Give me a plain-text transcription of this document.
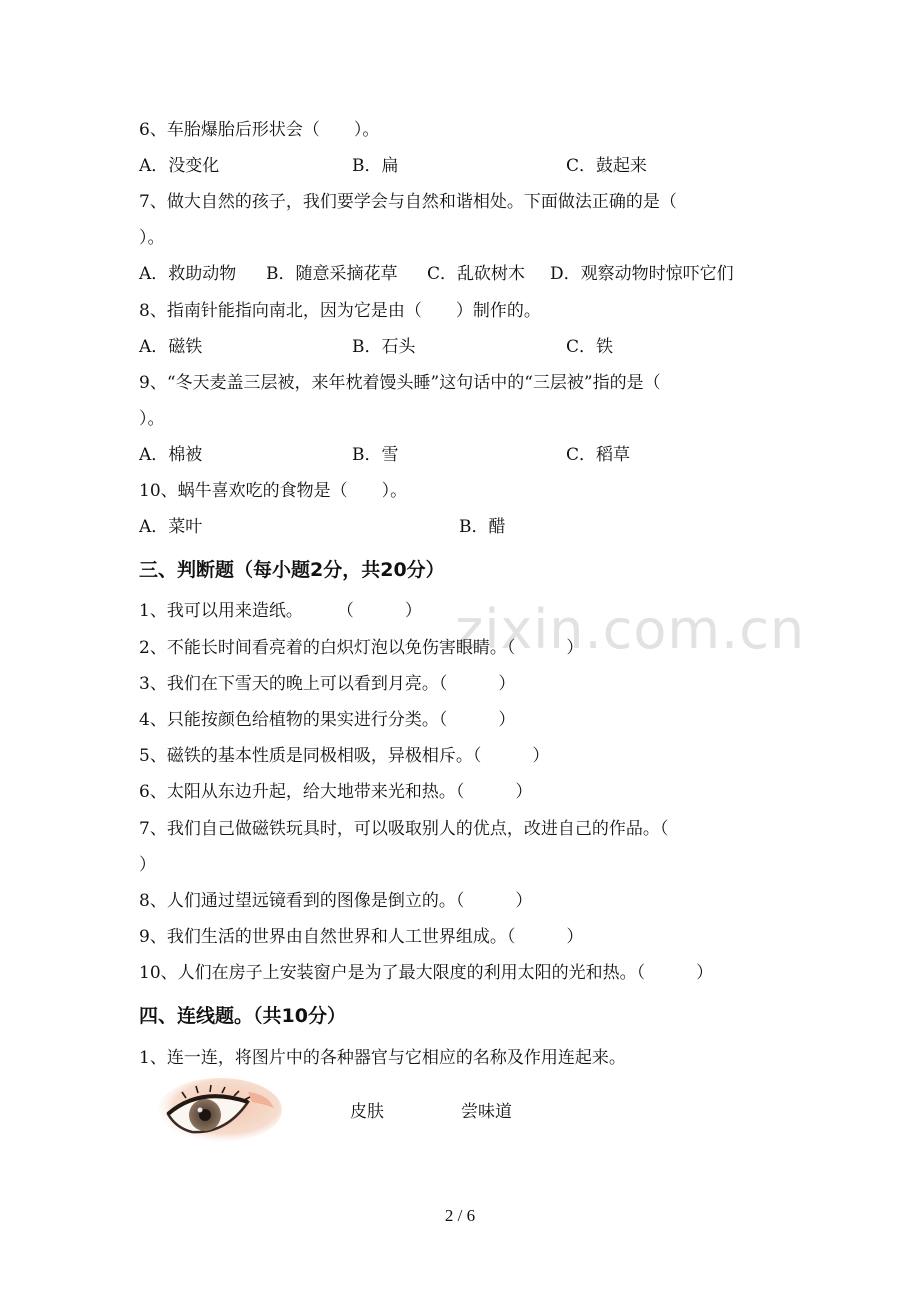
zixin.com.cn
6、车胎爆胎后形状会（　　）。
A．没变化	B．扁	C．鼓起来
7、做大自然的孩子，我们要学会与自然和谐相处。下面做法正确的是（
）。
A．救助动物 B．随意采摘花草 C．乱砍树木 D．观察动物时惊吓它们
8、指南针能指向南北，因为它是由（　　）制作的。
A．磁铁	B．石头	C．铁
9、“冬天麦盖三层被，来年枕着馒头睡”这句话中的“三层被”指的是（
）。
A．棉被	B．雪	C．稻草
10、蜗牛喜欢吃的食物是（　　）。
A．菜叶	B．醋
三、判断题（每小题2分，共20分）
1、我可以用来造纸。　　　（　　　）
2、不能长时间看亮着的白炽灯泡以免伤害眼睛。（　　　）
3、我们在下雪天的晚上可以看到月亮。（　　　）
4、只能按颜色给植物的果实进行分类。（　　　）
5、磁铁的基本性质是同极相吸，异极相斥。（　　　）
6、太阳从东边升起，给大地带来光和热。（　　　）
7、我们自己做磁铁玩具时，可以吸取别人的优点，改进自己的作品。（
）
8、人们通过望远镜看到的图像是倒立的。（　　　）
9、我们生活的世界由自然世界和人工世界组成。（　　　）
10、人们在房子上安装窗户是为了最大限度的利用太阳的光和热。（　　　）
四、连线题。（共10分）
1、连一连，将图片中的各种器官与它相应的名称及作用连起来。
皮肤	尝味道
2 / 6
